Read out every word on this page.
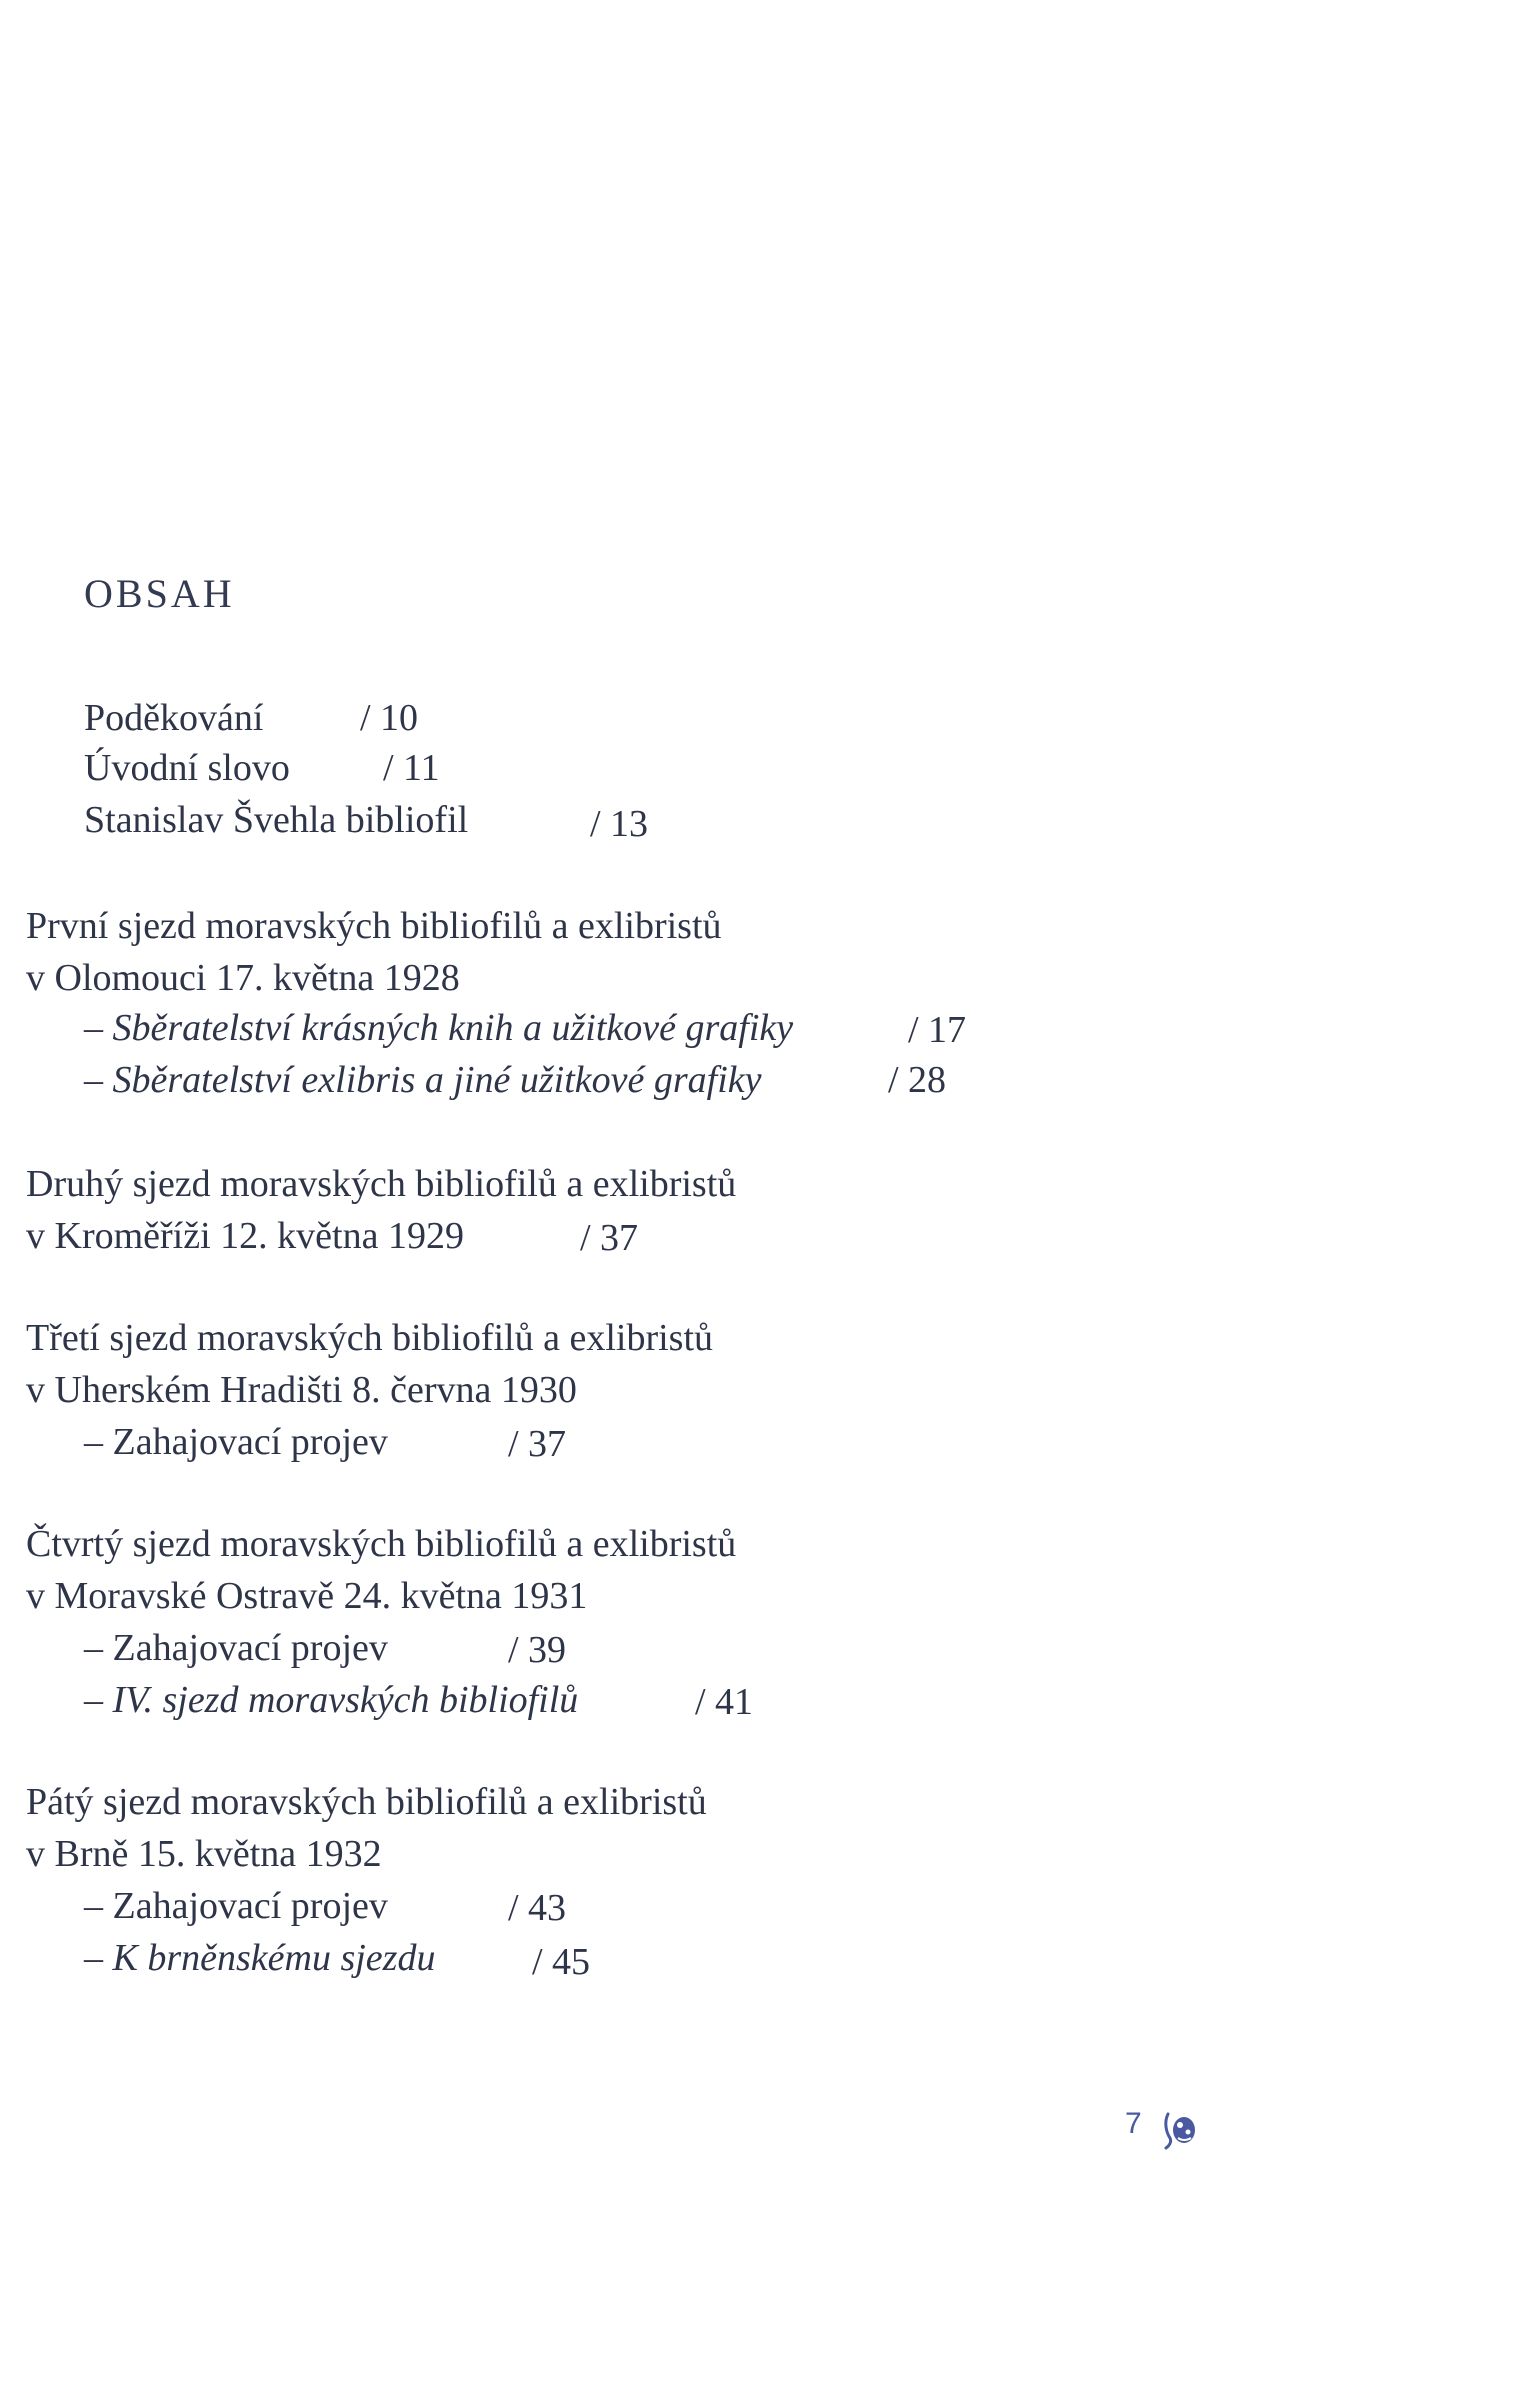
OBSAH
Poděkování	/ 10
Úvodní slovo / 11
Stanislav Švehla bibliofil	/ 13
První sjezd moravských bibliofilů a exlibristů
v Olomouci 17. května 1928
– Sběratelství krásných knih a užitkové grafiky	/ 17
– Sběratelství exlibris a jiné užitkové grafiky	/ 28
Druhý sjezd moravských bibliofilů a exlibristů
v Kroměříži 12. května 1929	/ 37
Třetí sjezd moravských bibliofilů a exlibristů
v Uherském Hradišti 8. června 1930
– Zahajovací projev	/ 37
Čtvrtý sjezd moravských bibliofilů a exlibristů
v Moravské Ostravě 24. května 1931
– Zahajovací projev	/ 39
– IV. sjezd moravských bibliofilů	/ 41
Pátý sjezd moravských bibliofilů a exlibristů
v Brně 15. května 1932
– Zahajovací projev	/ 43
– K brněnskému sjezdu	/ 45
7
